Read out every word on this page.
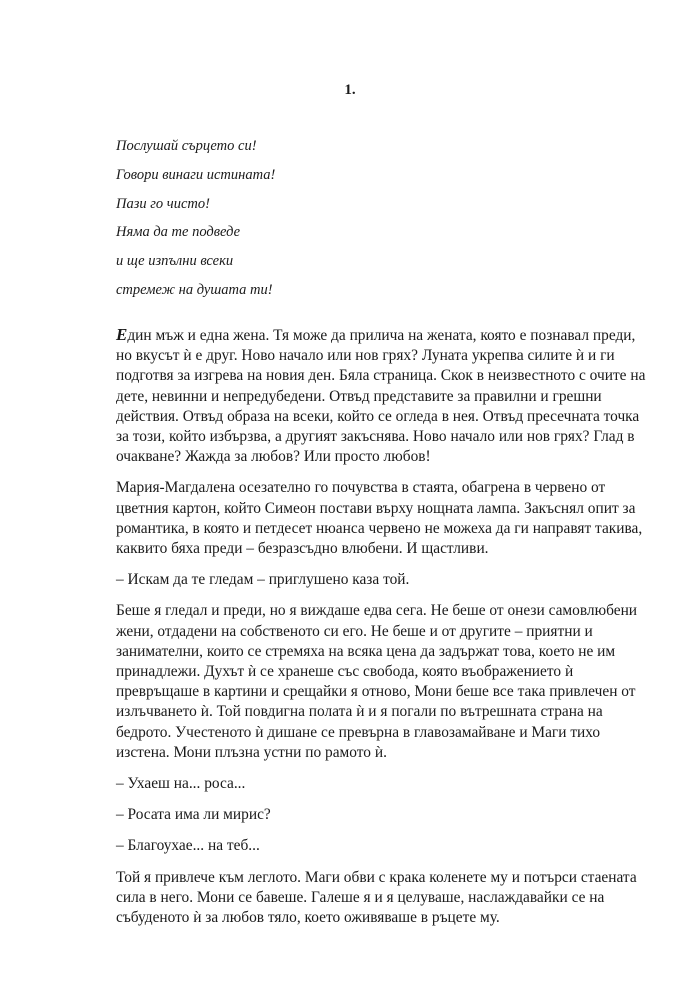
1.
Послушай сърцето си!
Говори винаги истината!
Пази го чисто!
Няма да те подведе
и ще изпълни всеки
стремеж на душата ти!
Един мъж и една жена. Тя може да прилича на жената, която е познавал преди,
но вкусът ѝ е друг. Ново начало или нов грях? Луната укрепва силите ѝ и ги
подготвя за изгрева на новия ден. Бяла страница. Скок в неизвестното с очите на
дете, невинни и непредубедени. Отвъд представите за правилни и грешни
действия. Отвъд образа на всеки, който се огледа в нея. Отвъд пресечната точка
за този, който избързва, а другият закъснява. Ново начало или нов грях? Глад в
очакване? Жажда за любов? Или просто любов!
Мария-Магдалена осезателно го почувства в стаята, обагрена в червено от
цветния картон, който Симеон постави върху нощната лампа. Закъснял опит за
романтика, в която и петдесет нюанса червено не можеха да ги направят такива,
каквито бяха преди – безразсъдно влюбени. И щастливи.
– Искам да те гледам – приглушено каза той.
Беше я гледал и преди, но я виждаше едва сега. Не беше от онези самовлюбени
жени, отдадени на собственото си его. Не беше и от другите – приятни и
занимателни, които се стремяха на всяка цена да задържат това, което не им
принадлежи. Духът ѝ се хранеше със свобода, която въображението ѝ
превръщаше в картини и срещайки я отново, Мони беше все така привлечен от
излъчването ѝ. Той повдигна полата ѝ и я погали по вътрешната страна на
бедрото. Учестеното ѝ дишане се превърна в главозамайване и Маги тихо
изстена. Мони плъзна устни по рамото ѝ.
– Ухаеш на... роса...
– Росата има ли мирис?
– Благоухае... на теб...
Той я привлече към леглото. Маги обви с крака коленете му и потърси стаената
сила в него. Мони се бавеше. Галеше я и я целуваше, наслаждавайки се на
събуденото ѝ за любов тяло, което оживяваше в ръцете му.
